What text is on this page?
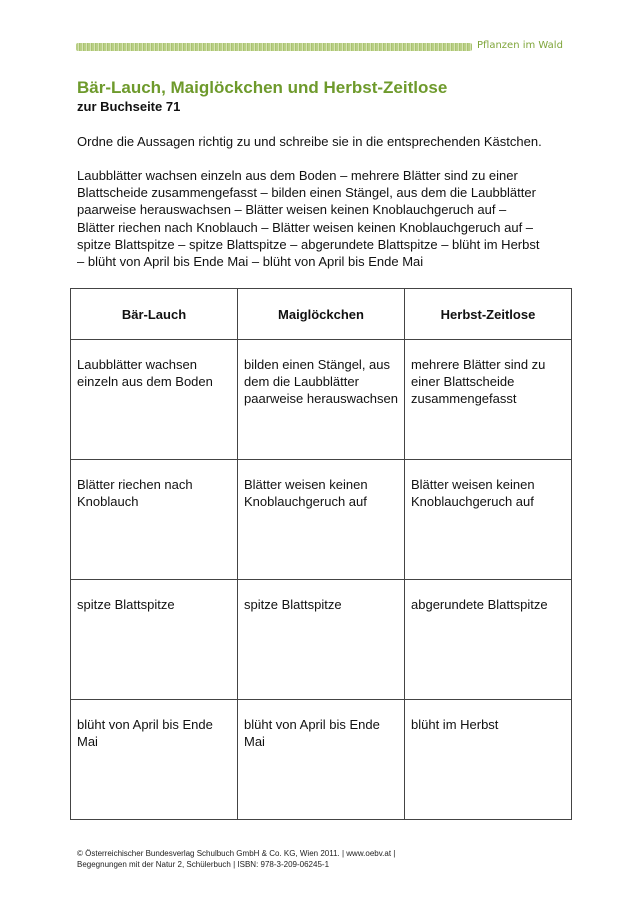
Pflanzen im Wald
Bär-Lauch, Maiglöckchen und Herbst-Zeitlose
zur Buchseite 71

Ordne die Aussagen richtig zu und schreibe sie in die entsprechenden Kästchen.

Laubblätter wachsen einzeln aus dem Boden – mehrere Blätter sind zu einer Blattscheide zusammengefasst – bilden einen Stängel, aus dem die Laubblätter paarweise herauswachsen – Blätter weisen keinen Knoblauchgeruch auf – Blätter riechen nach Knoblauch – Blätter weisen keinen Knoblauchgeruch auf – spitze Blattspitze – spitze Blattspitze – abgerundete Blattspitze – blüht im Herbst – blüht von April bis Ende Mai – blüht von April bis Ende Mai

Bär-Lauch	Maiglöckchen	Herbst-Zeitlose

Laubblätter wachsen einzeln aus dem Boden	bilden einen Stängel, aus dem die Laubblätter paarweise herauswachsen	mehrere Blätter sind zu einer Blattscheide zusammengefasst

Blätter riechen nach Knoblauch	Blätter weisen keinen Knoblauchgeruch auf	Blätter weisen keinen Knoblauchgeruch auf

spitze Blattspitze	spitze Blattspitze	abgerundete Blattspitze

blüht von April bis Ende Mai	blüht von April bis Ende Mai	blüht im Herbst
© Österreichischer Bundesverlag Schulbuch GmbH & Co. KG, Wien 2011. | www.oebv.at |
Begegnungen mit der Natur 2, Schülerbuch | ISBN: 978-3-209-06245-1
